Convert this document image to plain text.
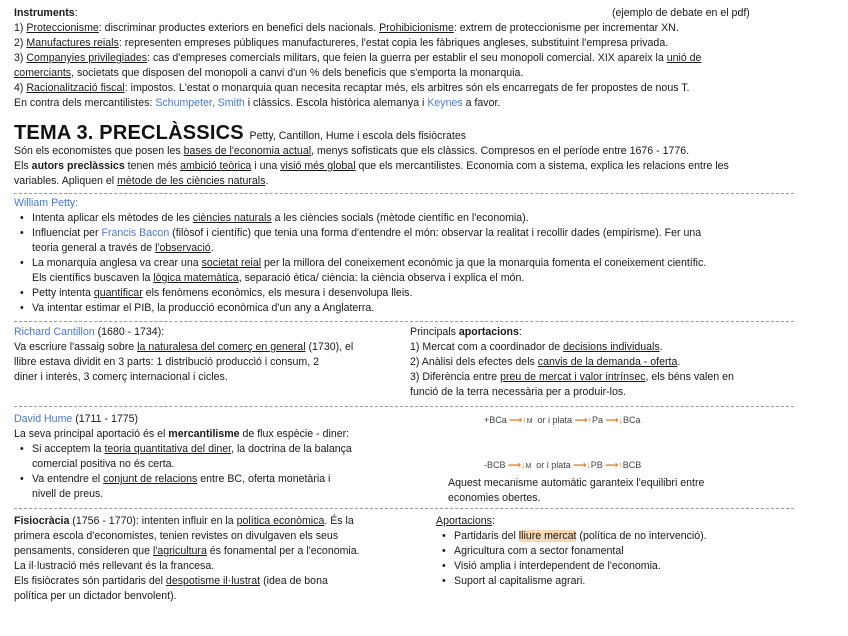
Instruments:	(ejemplo de debate en el pdf)
1) Proteccionisme: discriminar productes exteriors en benefici dels nacionals. Prohibicionisme: extrem de proteccionisme per incrementar XN.
2) Manufactures reials: representen empreses públiques manufactureres, l'estat copia les fàbriques angleses, substituint l'empresa privada.
3) Companyies privilegiades: cas d'empreses comercials militars, que feien la guerra per establir el seu monopoli comercial. XIX apareix la unió de
comerciants, societats que disposen del monopoli a canvi d'un % dels beneficis que s'emporta la monarquia.
4) Racionalització fiscal: impostos. L'estat o monarquia quan necesita recaptar més, els arbitres són els encarregats de fer propostes de nous T.
En contra dels mercantilistes: Schumpeter, Smith i clàssics. Escola històrica alemanya i Keynes a favor.
TEMA 3. PRECLÀSSICS Petty, Cantillon, Hume i escola dels fisiòcrates
Són els economistes que posen les bases de l'economia actual, menys sofisticats que els clàssics. Compresos en el període entre 1676 - 1776.
Els autors preclàssics tenen més ambició teòrica i una visió més global que els mercantilistes. Economia com a sistema, explica les relacions entre les
variables. Apliquen el mètode de les ciències naturals.
William Petty:
• Intenta aplicar els mètodes de les ciències naturals a les ciències socials (mètode científic en l'economia).
• Influenciat per Francis Bacon (filòsof i científic) que tenia una forma d'entendre el món: observar la realitat i recollir dades (empirisme). Fer una
teoria general a través de l'observació.
• La monarquia anglesa va crear una societat reial per la millora del coneixement econòmic ja que la monarquia fomenta el coneixement científic.
Els científics buscaven la lògica matemàtica, separació ètica/ ciència: la ciència observa i explica el món.
• Petty intenta quantificar els fenòmens econòmics, els mesura i desenvolupa lleis.
• Va intentar estimar el PIB, la producció econòmica d'un any a Anglaterra.
Richard Cantillon (1680 - 1734):
Va escriure l'assaig sobre la naturalesa del comerç en general (1730), el
llibre estava dividit en 3 parts: 1 distribució producció i consum, 2
diner i interès, 3 comerç internacional i cicles.
Principals aportacions:
1) Mercat com a coordinador de decisions individuals.
2) Anàlisi dels efectes dels canvis de la demanda - oferta.
3) Diferència entre preu de mercat i valor intrínsec, els béns valen en
funció de la terra necessària per a produir-los.
David Hume (1711 - 1775)
La seva principal aportació és el mercantilisme de flux espècie - diner:
• Si acceptem la teoria quantitativa del diner, la doctrina de la balança
comercial positiva no és certa.
• Va entendre el conjunt de relacions entre BC, oferta monetària i
nivell de preus.
+BCa ⟶↑M or i plata ⟶↑Pa ⟶↓BCa
-BCB ⟶↓M or i plata ⟶↓PB ⟶↑BCB
Aquest mecanisme automàtic garanteix l'equilibri entre
economies obertes.
Fisiocràcia (1756 - 1770): intenten influir en la política econòmica. És la
primera escola d'economistes, tenien revistes on divulgaven els seus
pensaments, consideren que l'agricultura és fonamental per a l'economia.
La il·lustració més rellevant és la francesa.
Els fisiòcrates són partidaris del despotisme il·lustrat (idea de bona
política per un dictador benvolent).
Aportacions:
• Partidaris del lliure mercat (política de no intervenció).
• Agricultura com a sector fonamental
• Visió amplia i interdependent de l'economia.
• Suport al capitalisme agrari.
